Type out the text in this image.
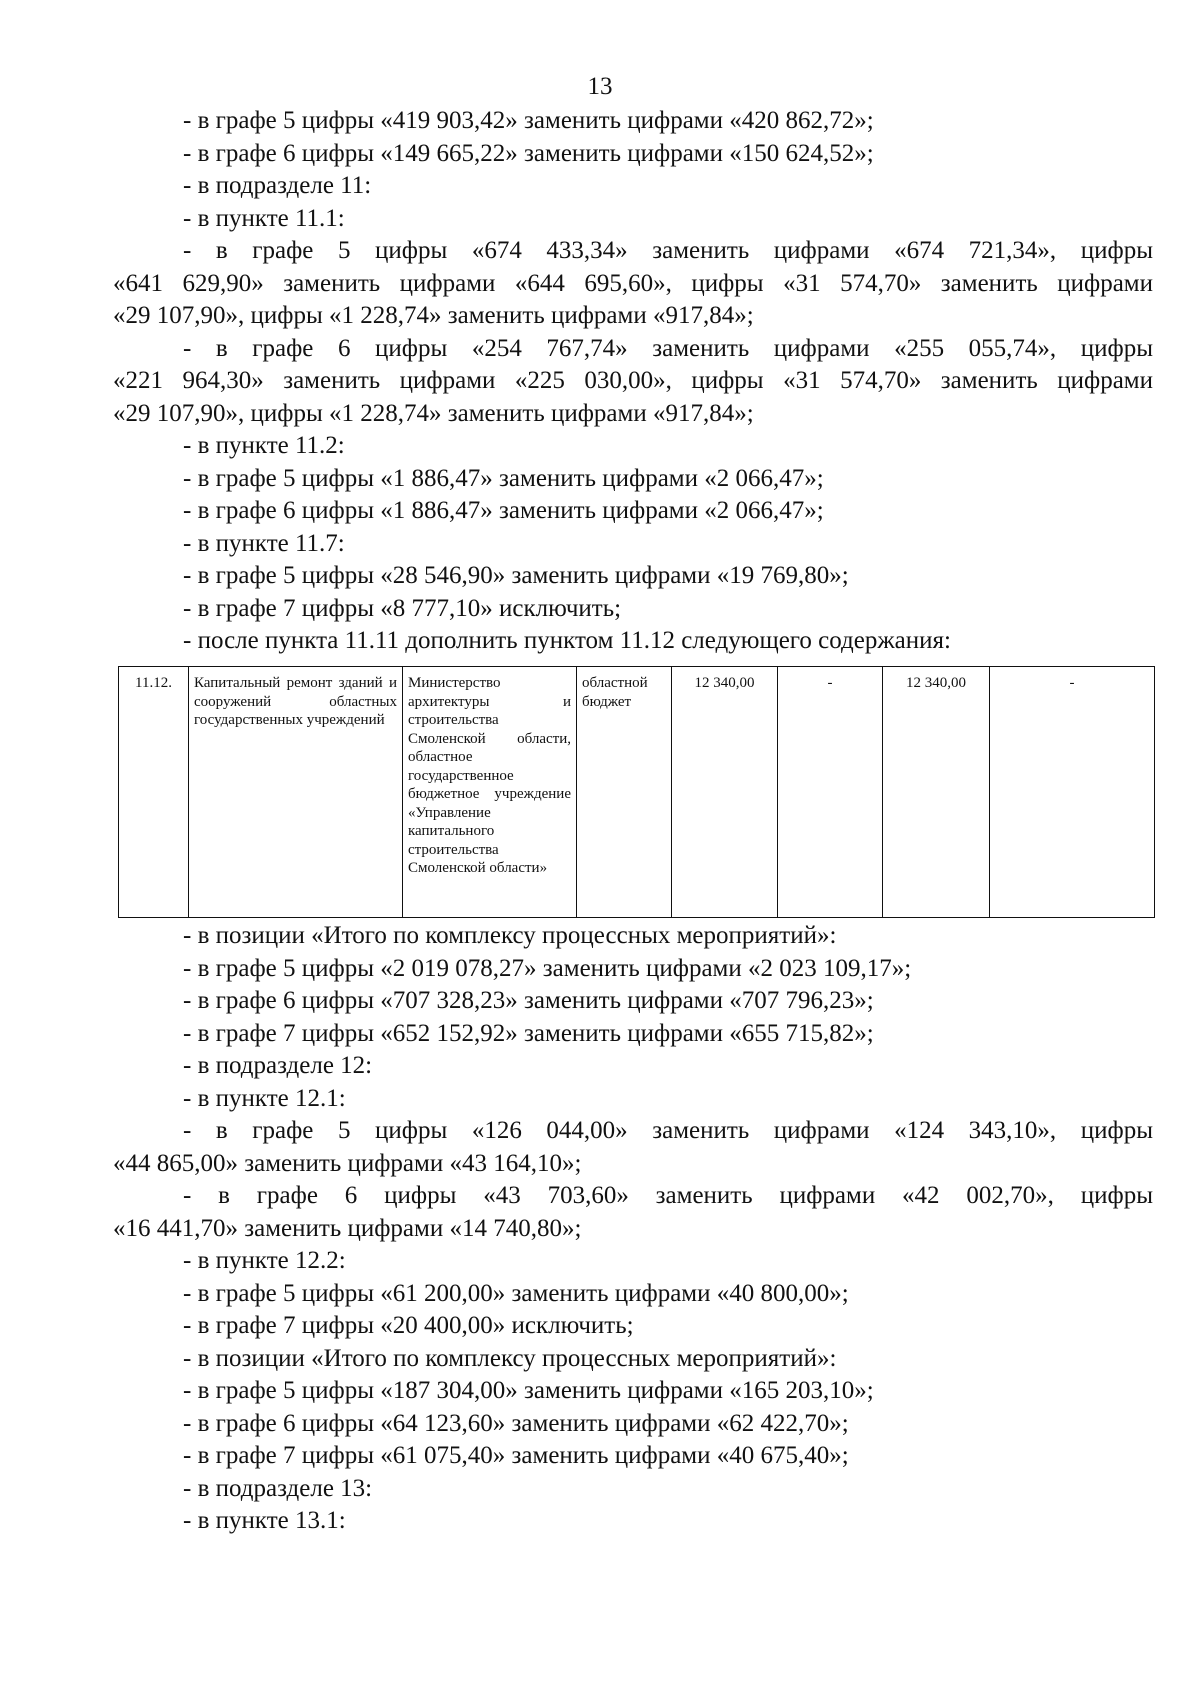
13
- в графе 5 цифры «419 903,42» заменить цифрами «420 862,72»;
- в графе 6 цифры «149 665,22» заменить цифрами «150 624,52»;
- в подразделе 11:
- в пункте 11.1:
- в графе 5 цифры «674 433,34» заменить цифрами «674 721,34», цифры
«641 629,90» заменить цифрами «644 695,60», цифры «31 574,70» заменить цифрами
«29 107,90», цифры «1 228,74» заменить цифрами «917,84»;
- в графе 6 цифры «254 767,74» заменить цифрами «255 055,74», цифры
«221 964,30» заменить цифрами «225 030,00», цифры «31 574,70» заменить цифрами
«29 107,90», цифры «1 228,74» заменить цифрами «917,84»;
- в пункте 11.2:
- в графе 5 цифры «1 886,47» заменить цифрами «2 066,47»;
- в графе 6 цифры «1 886,47» заменить цифрами «2 066,47»;
- в пункте 11.7:
- в графе 5 цифры «28 546,90» заменить цифрами «19 769,80»;
- в графе 7 цифры «8 777,10» исключить;
- после пункта 11.11 дополнить пунктом 11.12 следующего содержания:
11.12.	Капитальный ремонт зданий и сооружений областных государственных учреждений	Министерство архитектуры и строительства Смоленской области, областное государственное бюджетное учреждение «Управление капитального строительства Смоленской области»	областной бюджет	12 340,00	-	12 340,00	-
- в позиции «Итого по комплексу процессных мероприятий»:
- в графе 5 цифры «2 019 078,27» заменить цифрами «2 023 109,17»;
- в графе 6 цифры «707 328,23» заменить цифрами «707 796,23»;
- в графе 7 цифры «652 152,92» заменить цифрами «655 715,82»;
- в подразделе 12:
- в пункте 12.1:
- в графе 5 цифры «126 044,00» заменить цифрами «124 343,10», цифры
«44 865,00» заменить цифрами «43 164,10»;
- в графе 6 цифры «43 703,60» заменить цифрами «42 002,70», цифры
«16 441,70» заменить цифрами «14 740,80»;
- в пункте 12.2:
- в графе 5 цифры «61 200,00» заменить цифрами «40 800,00»;
- в графе 7 цифры «20 400,00» исключить;
- в позиции «Итого по комплексу процессных мероприятий»:
- в графе 5 цифры «187 304,00» заменить цифрами «165 203,10»;
- в графе 6 цифры «64 123,60» заменить цифрами «62 422,70»;
- в графе 7 цифры «61 075,40» заменить цифрами «40 675,40»;
- в подразделе 13:
- в пункте 13.1:
